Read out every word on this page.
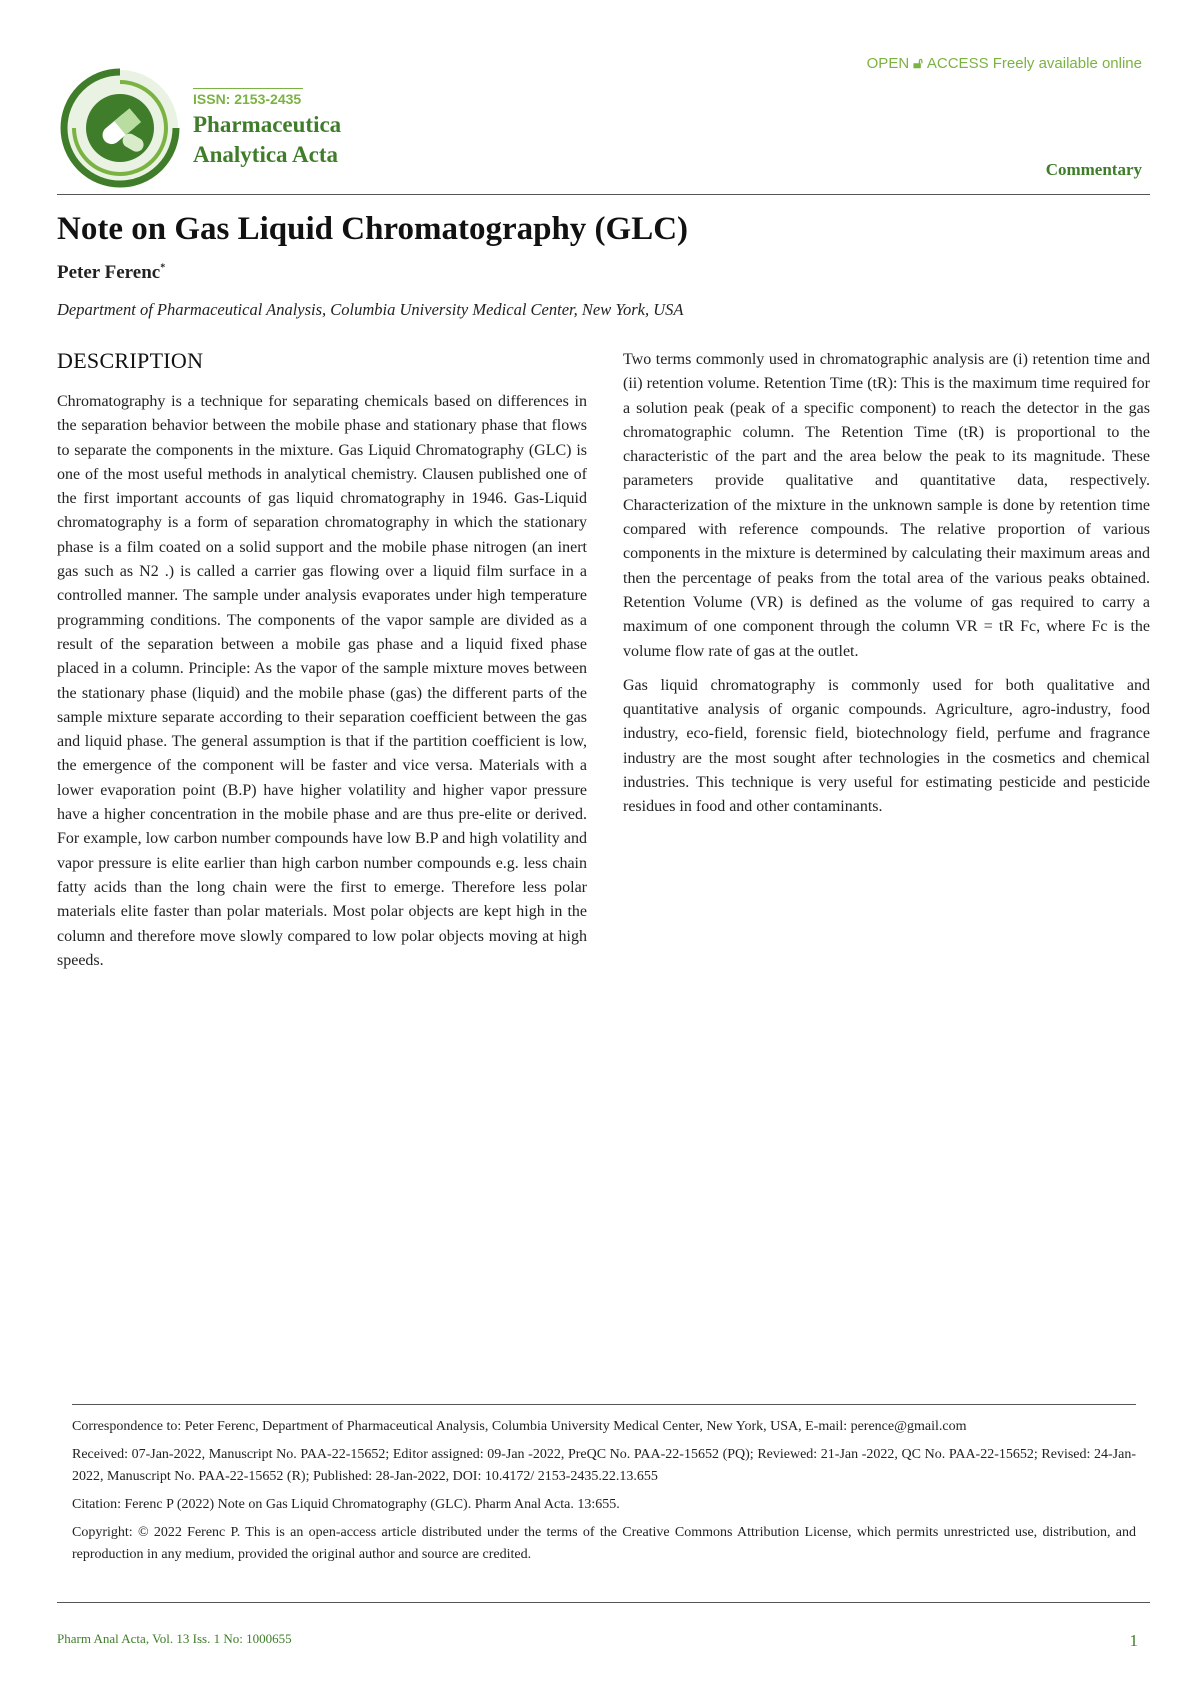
ISSN: 2153-2435
Pharmaceutica
Analytica Acta
OPEN 🔓︎ ACCESS Freely available online
Commentary
Note on Gas Liquid Chromatography (GLC)
Peter Ferenc*
Department of Pharmaceutical Analysis, Columbia University Medical Center, New York, USA
DESCRIPTION

Chromatography is a technique for separating chemicals based on differences in the separation behavior between the mobile phase and stationary phase that flows to separate the components in the mixture. Gas Liquid Chromatography (GLC) is one of the most useful methods in analytical chemistry. Clausen published one of the first important accounts of gas liquid chromatography in 1946. Gas-Liquid chromatography is a form of separation chromatography in which the stationary phase is a film coated on a solid support and the mobile phase nitrogen (an inert gas such as N2 .) is called a carrier gas flowing over a liquid film surface in a controlled manner. The sample under analysis evaporates under high temperature programming conditions. The components of the vapor sample are divided as a result of the separation between a mobile gas phase and a liquid fixed phase placed in a column. Principle: As the vapor of the sample mixture moves between the stationary phase (liquid) and the mobile phase (gas) the different parts of the sample mixture separate according to their separation coefficient between the gas and liquid phase. The general assumption is that if the partition coefficient is low, the emergence of the component will be faster and vice versa. Materials with a lower evaporation point (B.P) have higher volatility and higher vapor pressure have a higher concentration in the mobile phase and are thus pre-elite or derived. For example, low carbon number compounds have low B.P and high volatility and vapor pressure is elite earlier than high carbon number compounds e.g. less chain fatty acids than the long chain were the first to emerge. Therefore less polar materials elite faster than polar materials. Most polar objects are kept high in the column and therefore move slowly compared to low polar objects moving at high speeds.

Two terms commonly used in chromatographic analysis are (i) retention time and (ii) retention volume. Retention Time (tR): This is the maximum time required for a solution peak (peak of a specific component) to reach the detector in the gas chromatographic column. The Retention Time (tR) is proportional to the characteristic of the part and the area below the peak to its magnitude. These parameters provide qualitative and quantitative data, respectively. Characterization of the mixture in the unknown sample is done by retention time compared with reference compounds. The relative proportion of various components in the mixture is determined by calculating their maximum areas and then the percentage of peaks from the total area of the various peaks obtained. Retention Volume (VR) is defined as the volume of gas required to carry a maximum of one component through the column VR = tR Fc, where Fc is the volume flow rate of gas at the outlet.

Gas liquid chromatography is commonly used for both qualitative and quantitative analysis of organic compounds. Agriculture, agro-industry, food industry, eco-field, forensic field, biotechnology field, perfume and fragrance industry are the most sought after technologies in the cosmetics and chemical industries. This technique is very useful for estimating pesticide and pesticide residues in food and other contaminants.

Correspondence to: Peter Ferenc, Department of Pharmaceutical Analysis, Columbia University Medical Center, New York, USA, E-mail: perence@gmail.com

Received: 07-Jan-2022, Manuscript No. PAA-22-15652; Editor assigned: 09-Jan -2022, PreQC No. PAA-22-15652 (PQ); Reviewed: 21-Jan -2022, QC No. PAA-22-15652; Revised: 24-Jan-2022, Manuscript No. PAA-22-15652 (R); Published: 28-Jan-2022, DOI: 10.4172/ 2153-2435.22.13.655

Citation: Ferenc P (2022) Note on Gas Liquid Chromatography (GLC). Pharm Anal Acta. 13:655.

Copyright: © 2022 Ferenc P. This is an open-access article distributed under the terms of the Creative Commons Attribution License, which permits unrestricted use, distribution, and reproduction in any medium, provided the original author and source are credited.

Pharm Anal Acta, Vol. 13 Iss. 1 No: 1000655	1
